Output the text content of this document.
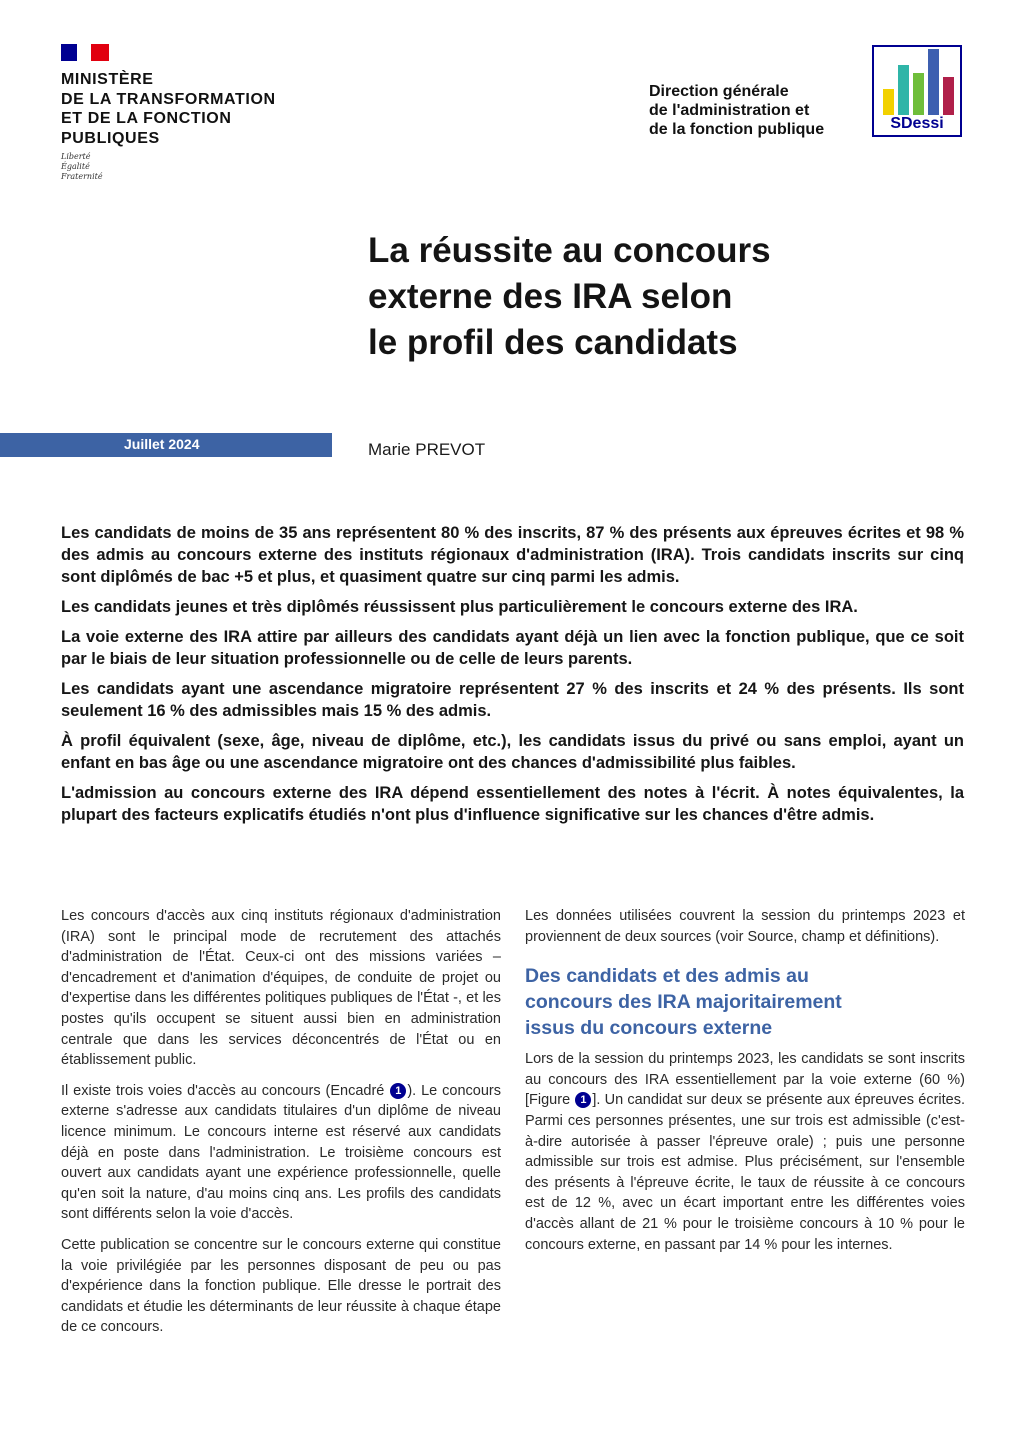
MINISTÈRE
DE LA TRANSFORMATION
ET DE LA FONCTION
PUBLIQUES
Liberté
Égalité
Fraternité
Direction générale
de l'administration et
de la fonction publique	SDessi
La réussite au concours
externe des IRA selon
le profil des candidats
Juillet 2024	Marie PREVOT

Les candidats de moins de 35 ans représentent 80 % des inscrits, 87 % des présents aux épreuves écrites et 98 % des admis au concours externe des instituts régionaux d'administration (IRA). Trois candidats inscrits sur cinq sont diplômés de bac +5 et plus, et quasiment quatre sur cinq parmi les admis.

Les candidats jeunes et très diplômés réussissent plus particulièrement le concours externe des IRA.

La voie externe des IRA attire par ailleurs des candidats ayant déjà un lien avec la fonction publique, que ce soit par le biais de leur situation professionnelle ou de celle de leurs parents.

Les candidats ayant une ascendance migratoire représentent 27 % des inscrits et 24 % des présents. Ils sont seulement 16 % des admissibles mais 15 % des admis.

À profil équivalent (sexe, âge, niveau de diplôme, etc.), les candidats issus du privé ou sans emploi, ayant un enfant en bas âge ou une ascendance migratoire ont des chances d'admissibilité plus faibles.

L'admission au concours externe des IRA dépend essentiellement des notes à l'écrit. À notes équivalentes, la plupart des facteurs explicatifs étudiés n'ont plus d'influence significative sur les chances d'être admis.

Les concours d'accès aux cinq instituts régionaux d'administration (IRA) sont le principal mode de recrutement des attachés d'administration de l'État. Ceux-ci ont des missions variées – d'encadrement et d'animation d'équipes, de conduite de projet ou d'expertise dans les différentes politiques publiques de l'État -, et les postes qu'ils occupent se situent aussi bien en administration centrale que dans les services déconcentrés de l'État ou en établissement public.

Il existe trois voies d'accès au concours (Encadré 1 ). Le concours externe s'adresse aux candidats titulaires d'un diplôme de niveau licence minimum. Le concours interne est réservé aux candidats déjà en poste dans l'administration. Le troisième concours est ouvert aux candidats ayant une expérience professionnelle, quelle qu'en soit la nature, d'au moins cinq ans. Les profils des candidats sont différents selon la voie d'accès.

Cette publication se concentre sur le concours externe qui constitue la voie privilégiée par les personnes disposant de peu ou pas d'expérience dans la fonction publique. Elle dresse le portrait des candidats et étudie les déterminants de leur réussite à chaque étape de ce concours.

Les données utilisées couvrent la session du printemps 2023 et proviennent de deux sources (voir Source, champ et définitions).

Des candidats et des admis au
concours des IRA majoritairement
issus du concours externe

Lors de la session du printemps 2023, les candidats se sont inscrits au concours des IRA essentiellement par la voie externe (60 %) [Figure 1 ]. Un candidat sur deux se présente aux épreuves écrites. Parmi ces personnes présentes, une sur trois est admissible (c'est-à-dire autorisée à passer l'épreuve orale) ; puis une personne admissible sur trois est admise. Plus précisément, sur l'ensemble des présents à l'épreuve écrite, le taux de réussite à ce concours est de 12 %, avec un écart important entre les différentes voies d'accès allant de 21 % pour le troisième concours à 10 % pour le concours externe, en passant par 14 % pour les internes.
